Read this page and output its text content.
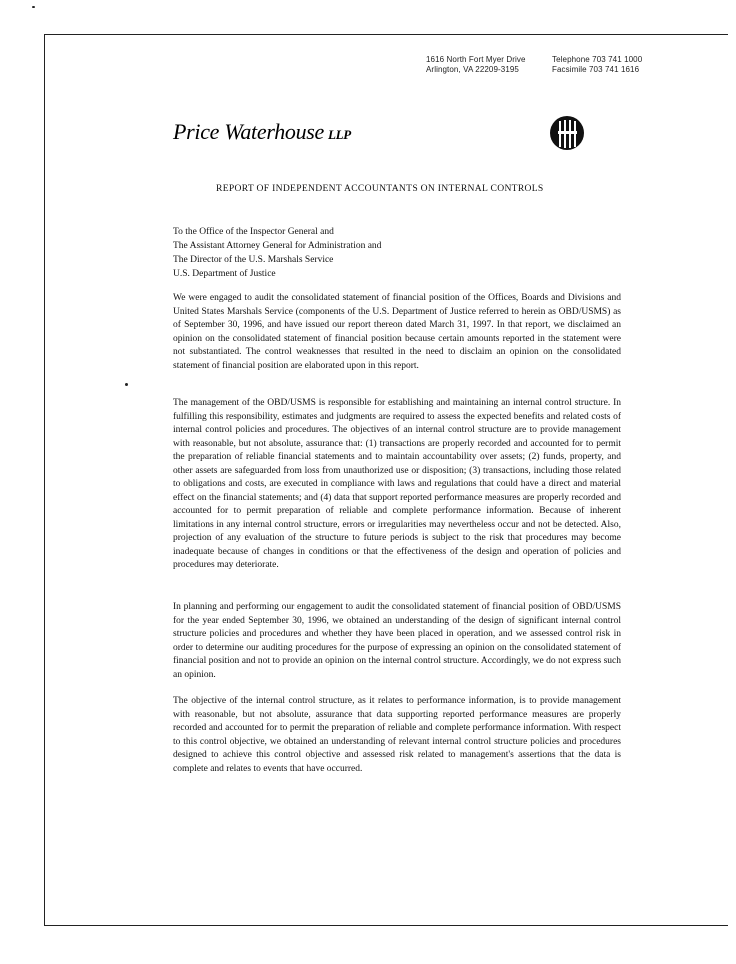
1616 North Fort Myer Drive
Arlington, VA 22209-3195
Telephone 703 741 1000
Facsimile 703 741 1616
Price Waterhouse LLP
REPORT OF INDEPENDENT ACCOUNTANTS ON INTERNAL CONTROLS
To the Office of the Inspector General and
The Assistant Attorney General for Administration and
The Director of the U.S. Marshals Service
U.S. Department of Justice

We were engaged to audit the consolidated statement of financial position of the Offices, Boards and Divisions and United States Marshals Service (components of the U.S. Department of Justice referred to herein as OBD/USMS) as of September 30, 1996, and have issued our report thereon dated March 31, 1997. In that report, we disclaimed an opinion on the consolidated statement of financial position because certain amounts reported in the statement were not substantiated. The control weaknesses that resulted in the need to disclaim an opinion on the consolidated statement of financial position are elaborated upon in this report.

The management of the OBD/USMS is responsible for establishing and maintaining an internal control structure. In fulfilling this responsibility, estimates and judgments are required to assess the expected benefits and related costs of internal control policies and procedures. The objectives of an internal control structure are to provide management with reasonable, but not absolute, assurance that: (1) transactions are properly recorded and accounted for to permit the preparation of reliable financial statements and to maintain accountability over assets; (2) funds, property, and other assets are safeguarded from loss from unauthorized use or disposition; (3) transactions, including those related to obligations and costs, are executed in compliance with laws and regulations that could have a direct and material effect on the financial statements; and (4) data that support reported performance measures are properly recorded and accounted for to permit preparation of reliable and complete performance information. Because of inherent limitations in any internal control structure, errors or irregularities may nevertheless occur and not be detected. Also, projection of any evaluation of the structure to future periods is subject to the risk that procedures may become inadequate because of changes in conditions or that the effectiveness of the design and operation of policies and procedures may deteriorate.

In planning and performing our engagement to audit the consolidated statement of financial position of OBD/USMS for the year ended September 30, 1996, we obtained an understanding of the design of significant internal control structure policies and procedures and whether they have been placed in operation, and we assessed control risk in order to determine our auditing procedures for the purpose of expressing an opinion on the consolidated statement of financial position and not to provide an opinion on the internal control structure. Accordingly, we do not express such an opinion.

The objective of the internal control structure, as it relates to performance information, is to provide management with reasonable, but not absolute, assurance that data supporting reported performance measures are properly recorded and accounted for to permit the preparation of reliable and complete performance information. With respect to this control objective, we obtained an understanding of relevant internal control structure policies and procedures designed to achieve this control objective and assessed risk related to management's assertions that the data is complete and relates to events that have occurred.
